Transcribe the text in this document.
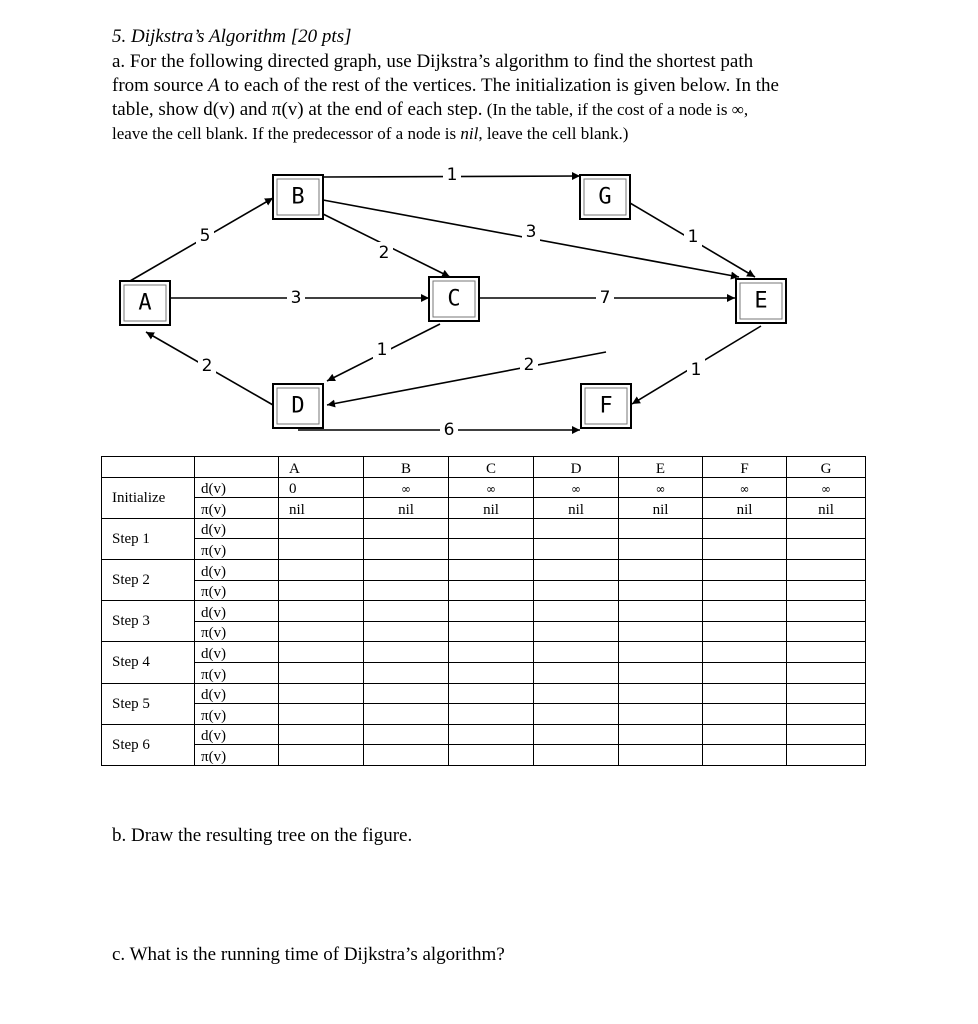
5. Dijkstra’s Algorithm [20 pts]
a. For the following directed graph, use Dijkstra’s algorithm to find the shortest path
from source A to each of the rest of the vertices. The initialization is given below. In the
table, show d(v) and π(v) at the end of each step. (In the table, if the cost of a node is ∞,
leave the cell blank. If the predecessor of a node is nil, leave the cell blank.)
A
B
C
D
E
F
G
5
3
2
1
2
3
1
7
1
1
2
6
		A	B	C	D	E	F	G
Initialize	d(v)	0	∞	∞	∞	∞	∞	∞
	π(v)	nil	nil	nil	nil	nil	nil	nil
Step 1	d(v)							
	π(v)							
Step 2	d(v)							
	π(v)							
Step 3	d(v)							
	π(v)							
Step 4	d(v)							
	π(v)							
Step 5	d(v)							
	π(v)							
Step 6	d(v)							
	π(v)							
b. Draw the resulting tree on the figure.
c. What is the running time of Dijkstra’s algorithm?
